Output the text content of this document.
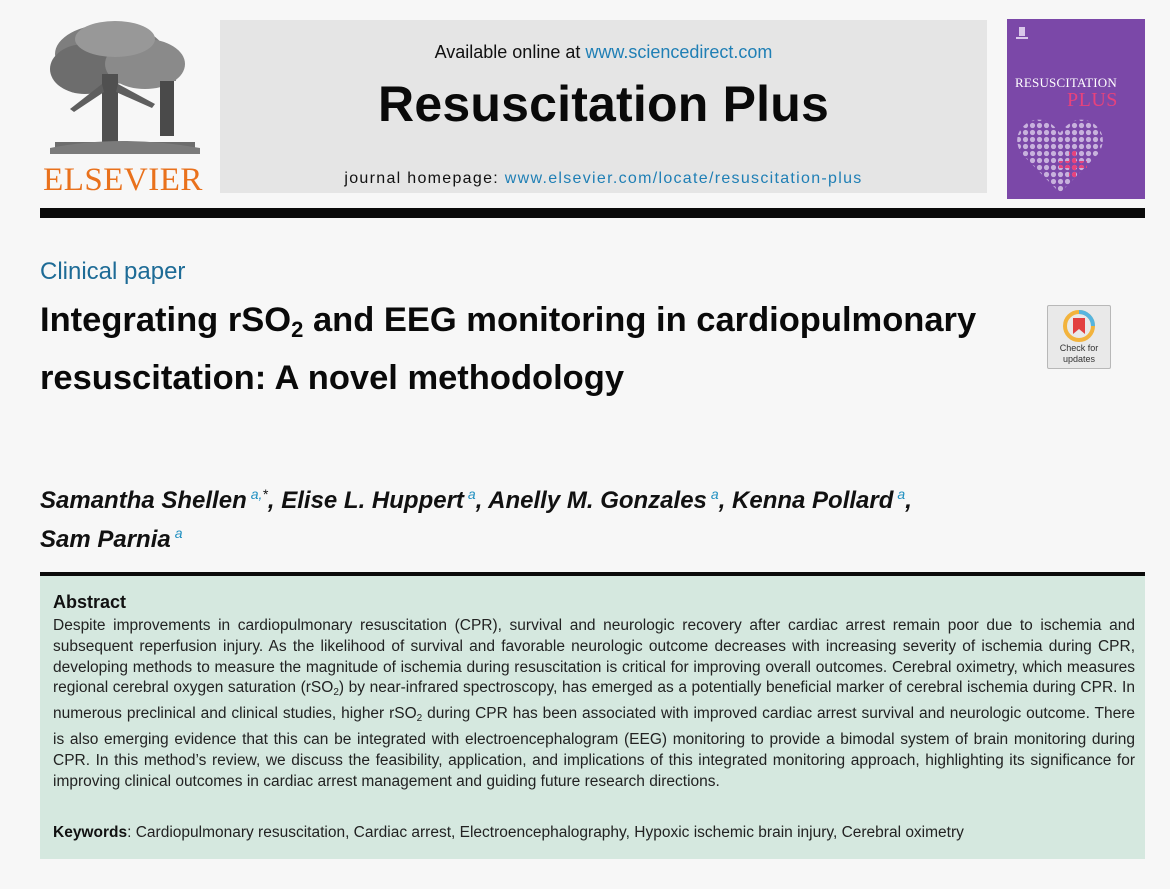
ELSEVIER
Available online at www.sciencedirect.com
Resuscitation Plus
journal homepage: www.elsevier.com/locate/resuscitation-plus
RESUSCITATION
PLUS
Clinical paper
Integrating rSO$_2$ and EEG monitoring in cardiopulmonary resuscitation: A novel methodology
Check for
updates
Samantha Shellen $^{a,*}$, Elise L. Huppert $^a$, Anelly M. Gonzales $^a$, Kenna Pollard $^a$,
Sam Parnia $^a$
Abstract
Despite improvements in cardiopulmonary resuscitation (CPR), survival and neurologic recovery after cardiac arrest remain poor due to ischemia and subsequent reperfusion injury. As the likelihood of survival and favorable neurologic outcome decreases with increasing severity of ischemia during CPR, developing methods to measure the magnitude of ischemia during resuscitation is critical for improving overall outcomes. Cerebral oximetry, which measures regional cerebral oxygen saturation (rSO$_2$) by near-infrared spectroscopy, has emerged as a potentially beneficial marker of cerebral ischemia during CPR. In numerous preclinical and clinical studies, higher rSO$_2$ during CPR has been associated with improved cardiac arrest survival and neurologic outcome. There is also emerging evidence that this can be integrated with electroencephalogram (EEG) monitoring to provide a bimodal system of brain monitoring during CPR. In this method’s review, we discuss the feasibility, application, and implications of this integrated monitoring approach, highlighting its significance for improving clinical outcomes in cardiac arrest management and guiding future research directions.
Keywords: Cardiopulmonary resuscitation, Cardiac arrest, Electroencephalography, Hypoxic ischemic brain injury, Cerebral oximetry
